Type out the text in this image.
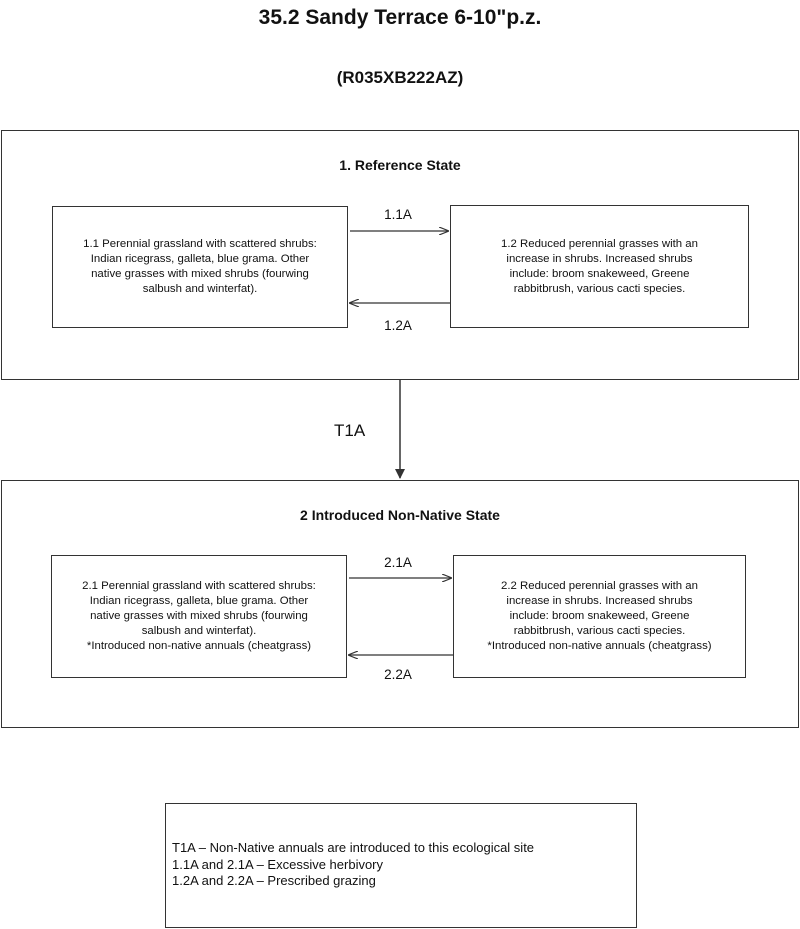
35.2 Sandy Terrace 6-10"p.z.
(R035XB222AZ)
1. Reference State
1.1 Perennial grassland with scattered shrubs:
Indian ricegrass, galleta, blue grama. Other
native grasses with mixed shrubs (fourwing
salbush and winterfat).
1.2 Reduced perennial grasses with an
increase in shrubs. Increased shrubs
include: broom snakeweed, Greene
rabbitbrush, various cacti species.
1.1A
1.2A
2 Introduced Non-Native State
2.1 Perennial grassland with scattered shrubs:
Indian ricegrass, galleta, blue grama. Other
native grasses with mixed shrubs (fourwing
salbush and winterfat).
*Introduced non-native annuals (cheatgrass)
2.2 Reduced perennial grasses with an
increase in shrubs. Increased shrubs
include: broom snakeweed, Greene
rabbitbrush, various cacti species.
*Introduced non-native annuals (cheatgrass)
2.1A
2.2A
T1A
T1A – Non-Native annuals are introduced to this ecological site
1.1A and 2.1A – Excessive herbivory
1.2A and 2.2A – Prescribed grazing
